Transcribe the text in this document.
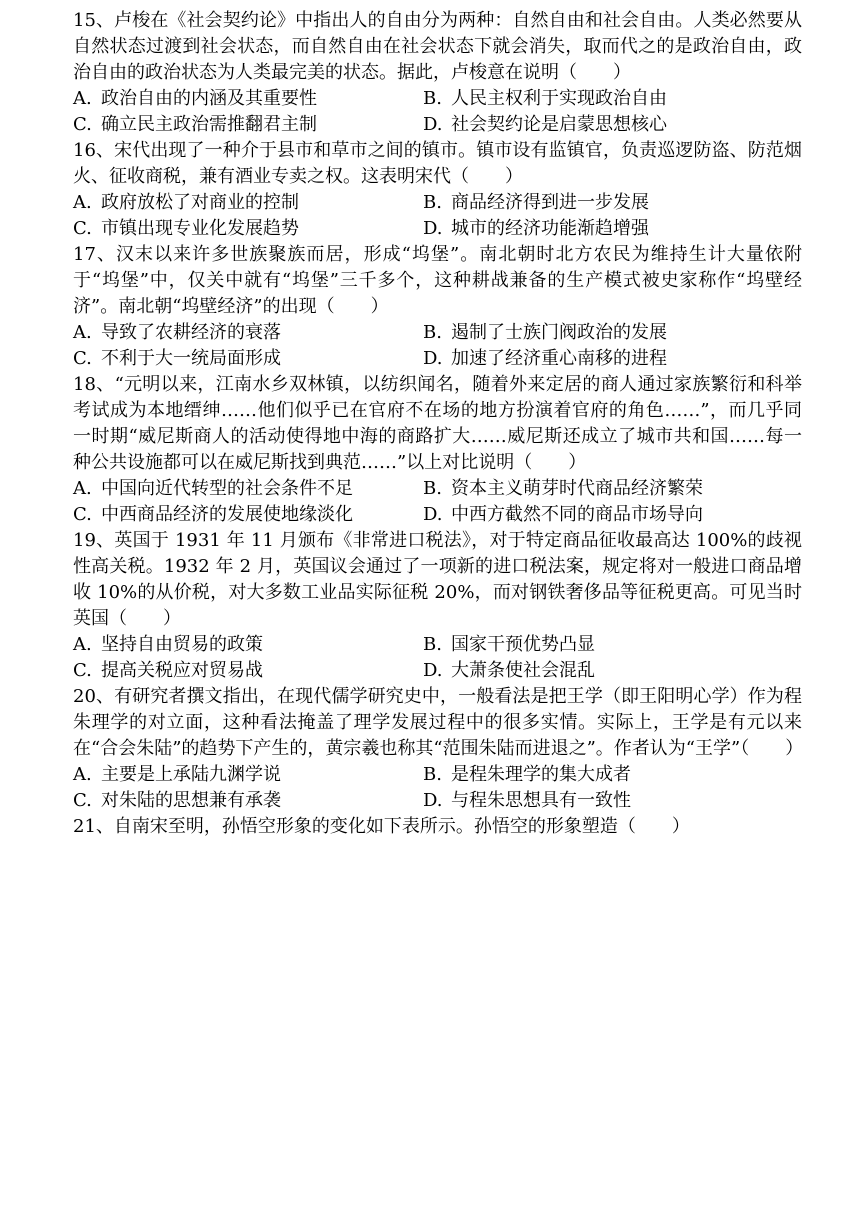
15、卢梭在《社会契约论》中指出人的自由分为两种：自然自由和社会自由。人类必然要从自然状态过渡到社会状态，而自然自由在社会状态下就会消失，取而代之的是政治自由，政治自由的政治状态为人类最完美的状态。据此，卢梭意在说明（　　）

A. 政治自由的内涵及其重要性	B. 人民主权利于实现政治自由
C. 确立民主政治需推翻君主制	D. 社会契约论是启蒙思想核心

16、宋代出现了一种介于县市和草市之间的镇市。镇市设有监镇官，负责巡逻防盗、防范烟火、征收商税，兼有酒业专卖之权。这表明宋代（　　）

A. 政府放松了对商业的控制	B. 商品经济得到进一步发展
C. 市镇出现专业化发展趋势	D. 城市的经济功能渐趋增强

17、汉末以来许多世族聚族而居，形成“坞堡”。南北朝时北方农民为维持生计大量依附于“坞堡”中，仅关中就有“坞堡”三千多个，这种耕战兼备的生产模式被史家称作“坞壁经济”。南北朝“坞壁经济”的出现（　　）

A. 导致了农耕经济的衰落	B. 遏制了士族门阀政治的发展
C. 不利于大一统局面形成	D. 加速了经济重心南移的进程

18、“元明以来，江南水乡双林镇，以纺织闻名，随着外来定居的商人通过家族繁衍和科举考试成为本地缙绅……他们似乎已在官府不在场的地方扮演着官府的角色……”，而几乎同一时期“威尼斯商人的活动使得地中海的商路扩大……威尼斯还成立了城市共和国……每一种公共设施都可以在威尼斯找到典范……”以上对比说明（　　）

A. 中国向近代转型的社会条件不足	B. 资本主义萌芽时代商品经济繁荣
C. 中西商品经济的发展使地缘淡化	D. 中西方截然不同的商品市场导向

19、英国于 1931 年 11 月颁布《非常进口税法》，对于特定商品征收最高达 100%的歧视性高关税。1932 年 2 月，英国议会通过了一项新的进口税法案，规定将对一般进口商品增收 10%的从价税，对大多数工业品实际征税 20%，而对钢铁奢侈品等征税更高。可见当时英国（　　）

A. 坚持自由贸易的政策	B. 国家干预优势凸显
C. 提高关税应对贸易战	D. 大萧条使社会混乱

20、有研究者撰文指出，在现代儒学研究史中，一般看法是把王学（即王阳明心学）作为程朱理学的对立面，这种看法掩盖了理学发展过程中的很多实情。实际上，王学是有元以来在“合会朱陆”的趋势下产生的，黄宗羲也称其“范围朱陆而进退之”。作者认为“王学”（　　）

A. 主要是上承陆九渊学说	B. 是程朱理学的集大成者
C. 对朱陆的思想兼有承袭	D. 与程朱思想具有一致性

21、自南宋至明，孙悟空形象的变化如下表所示。孙悟空的形象塑造（　　）
